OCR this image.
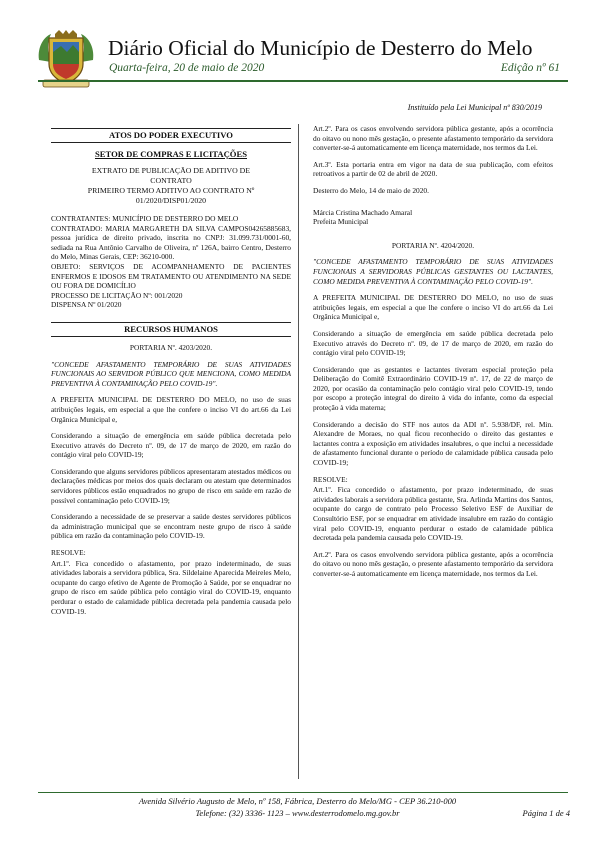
Diário Oficial do Município de Desterro do Melo
Quarta-feira, 20 de maio de 2020	Edição nº 61
Instituído pela Lei Municipal nº 830/2019
ATOS DO PODER EXECUTIVO
SETOR DE COMPRAS E LICITAÇÕES
EXTRATO DE PUBLICAÇÃO DE ADITIVO DE
CONTRATO
PRIMEIRO TERMO ADITIVO AO CONTRATO Nº
01/2020/DISP01/2020

CONTRATANTES: MUNICÍPIO DE DESTERRO DO MELO

CONTRATADO: MARIA MARGARETH DA SILVA CAMPOS04265885683, pessoa jurídica de direito privado, inscrita no CNPJ: 31.099.731/0001-60, sediada na Rua Antônio Carvalho de Oliveira, nº 126A, bairro Centro, Desterro do Melo, Minas Gerais, CEP: 36210-000.

OBJETO: SERVIÇOS DE ACOMPANHAMENTO DE PACIENTES ENFERMOS E IDOSOS EM TRATAMENTO OU ATENDIMENTO NA SEDE OU FORA DE DOMICÍLIO

PROCESSO DE LICITAÇÃO Nº: 001/2020

DISPENSA Nº 01/2020

RECURSOS HUMANOS

PORTARIA Nº. 4203/2020.

"CONCEDE AFASTAMENTO TEMPORÁRIO DE SUAS ATIVIDADES FUNCIONAIS AO SERVIDOR PÚBLICO QUE MENCIONA, COMO MEDIDA PREVENTIVA À CONTAMINAÇÃO PELO COVID-19".

A PREFEITA MUNICIPAL DE DESTERRO DO MELO, no uso de suas atribuições legais, em especial a que lhe confere o inciso VI do art.66 da Lei Orgânica Municipal e,

Considerando a situação de emergência em saúde pública decretada pelo Executivo através do Decreto nº. 09, de 17 de março de 2020, em razão do contágio viral pelo COVID-19;

Considerando que alguns servidores públicos apresentaram atestados médicos ou declarações médicas por meios dos quais declaram ou atestam que determinados servidores públicos estão enquadrados no grupo de risco em saúde em razão de possível contaminação pelo COVID-19;

Considerando a necessidade de se preservar a saúde destes servidores públicos da administração municipal que se encontram neste grupo de risco à saúde pública em razão da contaminação pelo COVID-19.

RESOLVE:

Art.1º. Fica concedido o afastamento, por prazo indeterminado, de suas atividades laborais a servidora pública, Sra. Sildelaine Aparecida Meireles Melo, ocupante do cargo efetivo de Agente de Promoção à Saúde, por se enquadrar no grupo de risco em saúde pública pelo contágio viral do COVID-19, enquanto perdurar o estado de calamidade pública decretada pela pandemia causada pelo COVID-19.

Art.2º. Para os casos envolvendo servidora pública gestante, após a ocorrência do oitavo ou nono mês gestação, o presente afastamento temporário da servidora converter-se-á automaticamente em licença maternidade, nos termos da Lei.

Art.3º. Esta portaria entra em vigor na data de sua publicação, com efeitos retroativos a partir de 02 de abril de 2020.

Desterro do Melo, 14 de maio de 2020.

Márcia Cristina Machado Amaral

Prefeita Municipal

PORTARIA Nº. 4204/2020.

"CONCEDE AFASTAMENTO TEMPORÁRIO DE SUAS ATIVIDADES FUNCIONAIS A SERVIDORAS PÚBLICAS GESTANTES OU LACTANTES, COMO MEDIDA PREVENTIVA À CONTAMINAÇÃO PELO COVID-19".

A PREFEITA MUNICIPAL DE DESTERRO DO MELO, no uso de suas atribuições legais, em especial a que lhe confere o inciso VI do art.66 da Lei Orgânica Municipal e,

Considerando a situação de emergência em saúde pública decretada pelo Executivo através do Decreto nº. 09, de 17 de março de 2020, em razão do contágio viral pelo COVID-19;

Considerando que as gestantes e lactantes tiveram especial proteção pela Deliberação do Comitê Extraordinário COVID-19 nº. 17, de 22 de março de 2020, por ocasião da contaminação pelo contágio viral pelo COVID-19, tendo por escopo a proteção integral do direito à vida do infante, como da especial proteção à vida materna;

Considerando a decisão do STF nos autos da ADI nº. 5.938/DF, rel. Min. Alexandre de Moraes, no qual ficou reconhecido o direito das gestantes e lactantes contra a exposição em atividades insalubres, o que inclui a necessidade de afastamento funcional durante o período de calamidade pública causada pelo COVID-19;

RESOLVE:

Art.1º. Fica concedido o afastamento, por prazo indeterminado, de suas atividades laborais a servidora pública gestante, Sra. Arlinda Martins dos Santos, ocupante do cargo de contrato pelo Processo Seletivo ESF de Auxiliar de Consultório ESF, por se enquadrar em atividade insalubre em razão do contágio viral pelo COVID-19, enquanto perdurar o estado de calamidade pública decretada pela pandemia causada pelo COVID-19.

Art.2º. Para os casos envolvendo servidora pública gestante, após a ocorrência do oitavo ou nono mês gestação, o presente afastamento temporário da servidora converter-se-á automaticamente em licença maternidade, nos termos da Lei.

Avenida Silvério Augusto de Melo, nº 158, Fábrica, Desterro do Melo/MG - CEP 36.210-000
Telefone: (32) 3336- 1123 – www.desterrodomelo.mg.gov.br	Página 1 de 4
